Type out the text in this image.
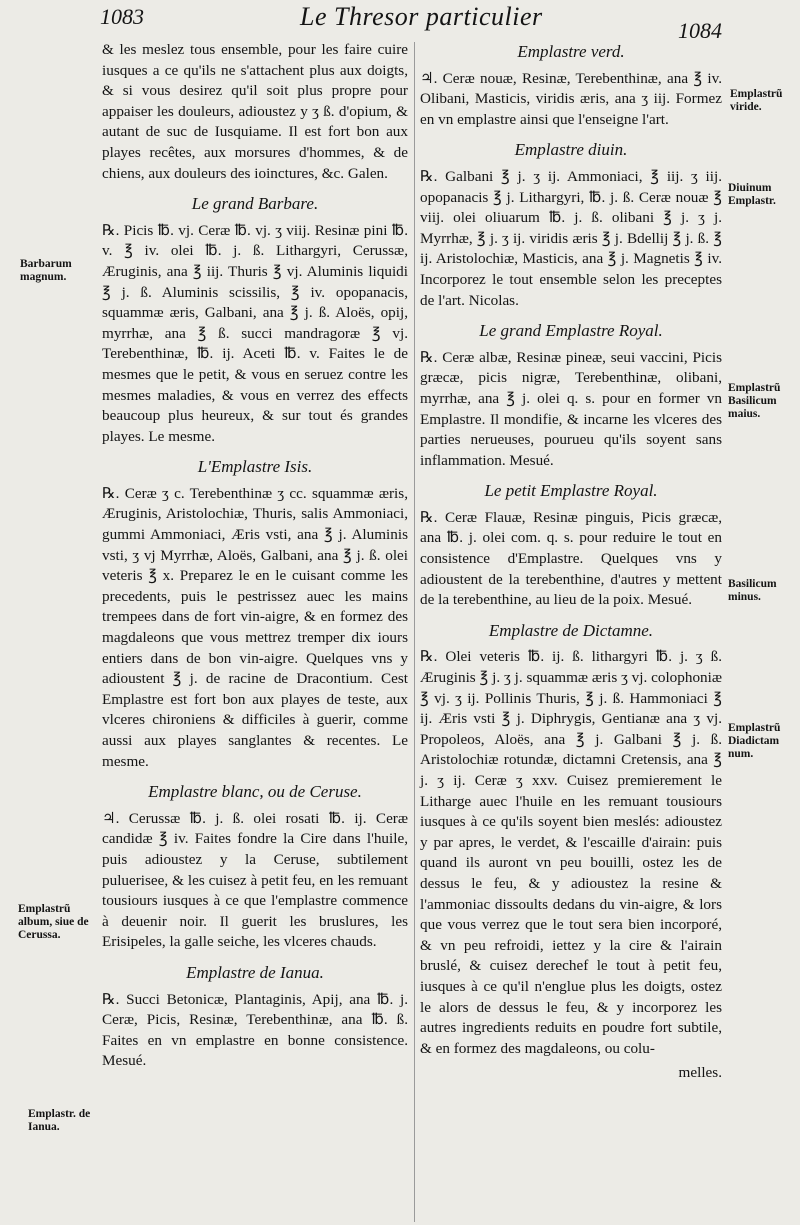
1083	Le Thresor particulier	1084
Barbarum magnum.
Emplastrũ album, siue de Cerussa.
Emplastr. de Ianua.
Emplastrũ viride.
Diuinum Emplastr.
Emplastrũ Basilicum maius.
Basilicum minus.
Emplastrũ Diadictam num.

& les meslez tous ensemble, pour les faire cuire iusques a ce qu'ils ne s'attachent plus aux doigts, & si vous desirez qu'il soit plus propre pour appaiser les douleurs, adioustez y ʒ ß. d'opium, & autant de suc de Iusquiame. Il est fort bon aux playes recêtes, aux morsures d'hommes, & de chiens, aux douleurs des ioinctures, &c. Galen.

Le grand Barbare.

℞. Picis ℔. vj. Ceræ ℔. vj. ʒ viij. Resinæ pini ℔. v. ℥ iv. olei ℔. j. ß. Lithargyri, Cerussæ, Æruginis, ana ℥ iij. Thuris ℥ vj. Aluminis liquidi ℥ j. ß. Aluminis scissilis, ℥ iv. opopanacis, squammæ æris, Galbani, ana ℥ j. ß. Aloës, opij, myrrhæ, ana ℥ ß. succi mandragoræ ℥ vj. Terebenthinæ, ℔. ij. Aceti ℔. v. Faites le de mesmes que le petit, & vous en seruez contre les mesmes maladies, & vous en verrez des effects beaucoup plus heureux, & sur tout és grandes playes. Le mesme.

L'Emplastre Isis.

℞. Ceræ ʒ c. Terebenthinæ ʒ cc. squammæ æris, Æruginis, Aristolochiæ, Thuris, salis Ammoniaci, gummi Ammoniaci, Æris vsti, ana ℥ j. Aluminis vsti, ʒ vj Myrrhæ, Aloës, Galbani, ana ℥ j. ß. olei veteris ℥ x. Preparez le en le cuisant comme les precedents, puis le pestrissez auec les mains trempees dans de fort vin-aigre, & en formez des magdaleons que vous mettrez tremper dix iours entiers dans de bon vin-aigre. Quelques vns y adioustent ℥ j. de racine de Dracontium. Cest Emplastre est fort bon aux playes de teste, aux vlceres chironiens & difficiles à guerir, comme aussi aux playes sanglantes & recentes. Le mesme.

Emplastre blanc, ou de Ceruse.

♃. Cerussæ ℔. j. ß. olei rosati ℔. ij. Ceræ candidæ ℥ iv. Faites fondre la Cire dans l'huile, puis adioustez y la Ceruse, subtilement puluerisee, & les cuisez à petit feu, en les remuant tousiours iusques à ce que l'emplastre commence à deuenir noir. Il guerit les bruslures, les Erisipeles, la galle seiche, les vlceres chauds.

Emplastre de Ianua.

℞. Succi Betonicæ, Plantaginis, Apij, ana ℔. j. Ceræ, Picis, Resinæ, Terebenthinæ, ana ℔. ß. Faites en vn emplastre en bonne consistence. Mesué.

Emplastre verd.

♃. Ceræ nouæ, Resinæ, Terebenthinæ, ana ℥ iv. Olibani, Masticis, viridis æris, ana ʒ iij. Formez en vn emplastre ainsi que l'enseigne l'art.

Emplastre diuin.

℞. Galbani ℥ j. ʒ ij. Ammoniaci, ℥ iij. ʒ iij. opopanacis ℥ j. Lithargyri, ℔. j. ß. Ceræ nouæ ℥ viij. olei oliuarum ℔. j. ß. olibani ℥ j. ʒ j. Myrrhæ, ℥ j. ʒ ij. viridis æris ℥ j. Bdellij ℥ j. ß. ℥ ij. Aristolochiæ, Masticis, ana ℥ j. Magnetis ℥ iv. Incorporez le tout ensemble selon les preceptes de l'art. Nicolas.

Le grand Emplastre Royal.

℞. Ceræ albæ, Resinæ pineæ, seui vaccini, Picis græcæ, picis nigræ, Terebenthinæ, olibani, myrrhæ, ana ℥ j. olei q. s. pour en former vn Emplastre. Il mondifie, & incarne les vlceres des parties nerueuses, pourueu qu'ils soyent sans inflammation. Mesué.

Le petit Emplastre Royal.

℞. Ceræ Flauæ, Resinæ pinguis, Picis græcæ, ana ℔. j. olei com. q. s. pour reduire le tout en consistence d'Emplastre. Quelques vns y adioustent de la terebenthine, d'autres y mettent de la terebenthine, au lieu de la poix. Mesué.

Emplastre de Dictamne.

℞. Olei veteris ℔. ij. ß. lithargyri ℔. j. ʒ ß. Æruginis ℥ j. ʒ j. squammæ æris ʒ vj. colophoniæ ℥ vj. ʒ ij. Pollinis Thuris, ℥ j. ß. Hammoniaci ℥ ij. Æris vsti ℥ j. Diphrygis, Gentianæ ana ʒ vj. Propoleos, Aloës, ana ℥ j. Galbani ℥ j. ß. Aristolochiæ rotundæ, dictamni Cretensis, ana ℥ j. ʒ ij. Ceræ ʒ xxv. Cuisez premierement le Litharge auec l'huile en les remuant tousiours iusques à ce qu'ils soyent bien meslés: adioustez y par apres, le verdet, & l'escaille d'airain: puis quand ils auront vn peu bouilli, ostez les de dessus le feu, & y adioustez la resine & l'ammoniac dissoults dedans du vin-aigre, & lors que vous verrez que le tout sera bien incorporé, & vn peu refroidi, iettez y la cire & l'airain bruslé, & cuisez derechef le tout à petit feu, iusques à ce qu'il n'englue plus les doigts, ostez le alors de dessus le feu, & y incorporez les autres ingredients reduits en poudre fort subtile, & en formez des magdaleons, ou colu-

melles.
